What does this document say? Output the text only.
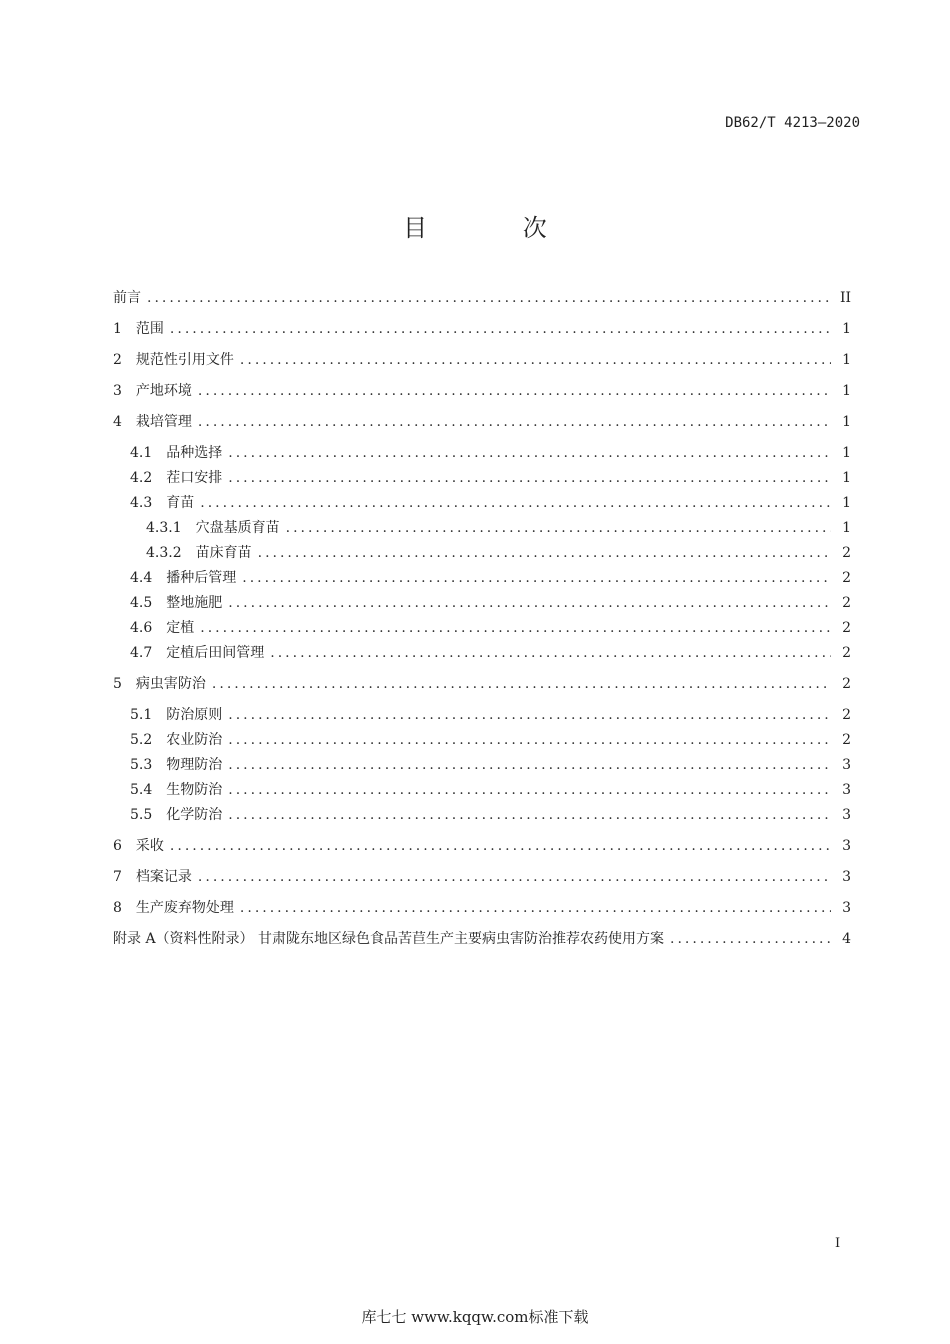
DB62/T 4213—2020
目 次
前言 .....	II
1 范围 .....	1
2 规范性引用文件 .....	1
3 产地环境 .....	1
4 栽培管理 .....	1
4.1 品种选择 .....	1
4.2 茬口安排 .....	1
4.3 育苗 .....	1
4.3.1 穴盘基质育苗 .....	1
4.3.2 苗床育苗 .....	2
4.4 播种后管理 .....	2
4.5 整地施肥 .....	2
4.6 定植 .....	2
4.7 定植后田间管理 .....	2
5 病虫害防治 .....	2
5.1 防治原则 .....	2
5.2 农业防治 .....	2
5.3 物理防治 .....	3
5.4 生物防治 .....	3
5.5 化学防治 .....	3
6 采收 .....	3
7 档案记录 .....	3
8 生产废弃物处理 .....	3
附录 A（资料性附录） 甘肃陇东地区绿色食品苦苣生产主要病虫害防治推荐农药使用方案 .....	4
I
库七七 www.kqqw.com标准下载
